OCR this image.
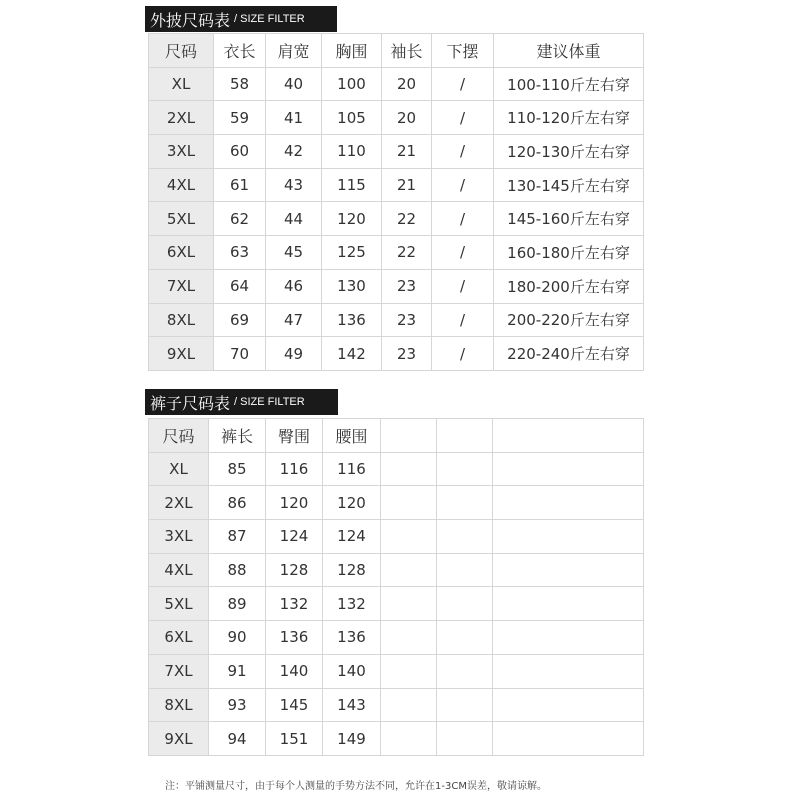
外披尺码表 / SIZE FILTER
尺码	衣长	肩宽	胸围	袖长	下摆	建议体重
XL	58	40	100	20	/	100-110斤左右穿
2XL	59	41	105	20	/	110-120斤左右穿
3XL	60	42	110	21	/	120-130斤左右穿
4XL	61	43	115	21	/	130-145斤左右穿
5XL	62	44	120	22	/	145-160斤左右穿
6XL	63	45	125	22	/	160-180斤左右穿
7XL	64	46	130	23	/	180-200斤左右穿
8XL	69	47	136	23	/	200-220斤左右穿
9XL	70	49	142	23	/	220-240斤左右穿
裤子尺码表 / SIZE FILTER
尺码	裤长	臀围	腰围			
XL	85	116	116			
2XL	86	120	120			
3XL	87	124	124			
4XL	88	128	128			
5XL	89	132	132			
6XL	90	136	136			
7XL	91	140	140			
8XL	93	145	143			
9XL	94	151	149			
注：平铺测量尺寸，由于每个人测量的手势方法不同，允许在1-3CM误差，敬请谅解。
